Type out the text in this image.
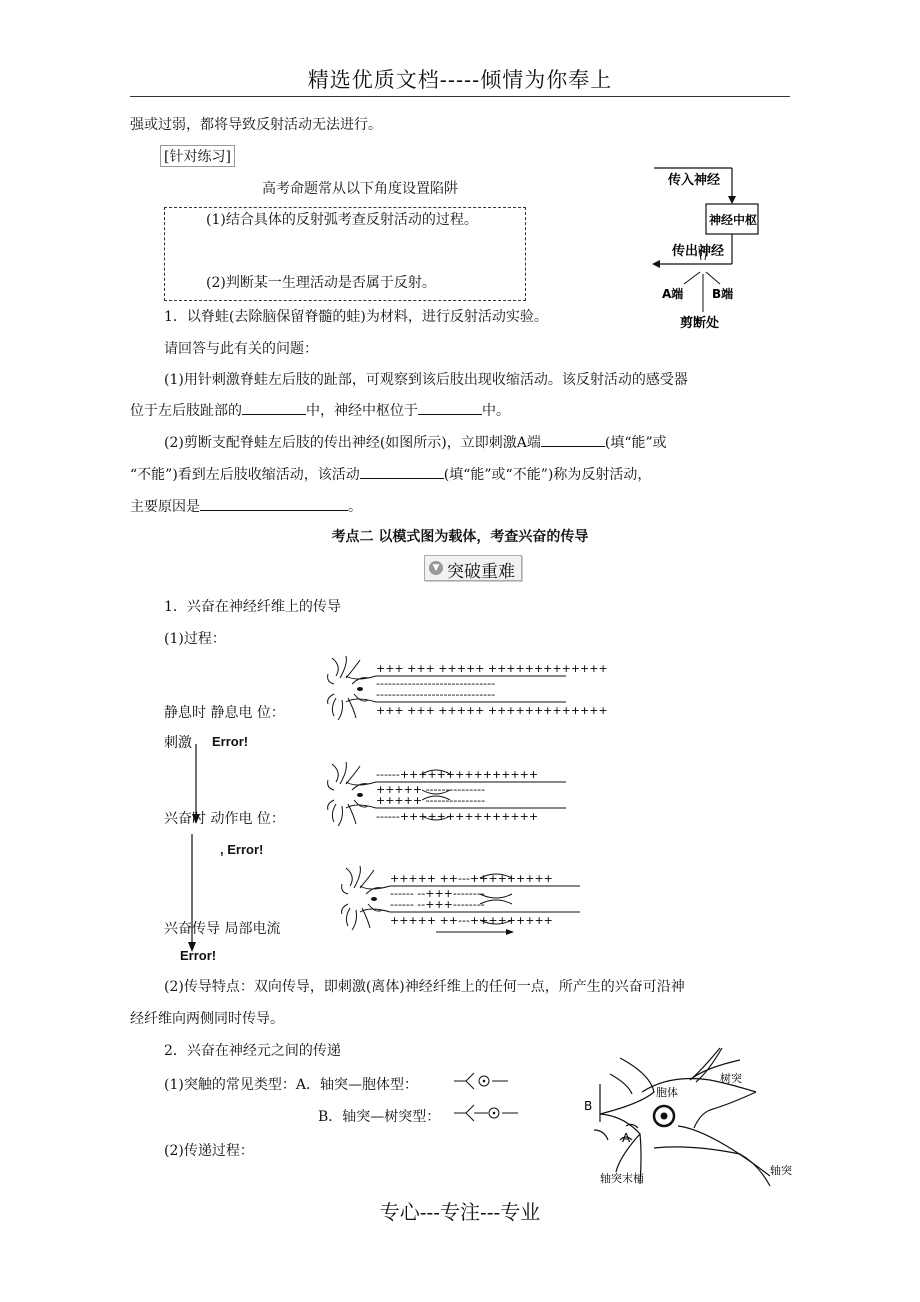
精选优质文档-----倾情为你奉上
强或过弱，都将导致反射活动无法进行。
[针对练习]
高考命题常从以下角度设置陷阱
(1)结合具体的反射弧考查反射活动的过程。
(2)判断某一生理活动是否属于反射。
1．以脊蛙(去除脑保留脊髓的蛙)为材料，进行反射活动实验。
请回答与此有关的问题：
(1)用针刺激脊蛙左后肢的趾部，可观察到该后肢出现收缩活动。该反射活动的感受器
位于左后肢趾部的	中，神经中枢位于	中。
(2)剪断支配脊蛙左后肢的传出神经(如图所示)，立即刺激A端	(填“能”或
“不能”)看到左后肢收缩活动，该活动	(填“能”或“不能”)称为反射活动，
主要原因是	。
传入神经
神经中枢
传出神经
A端 B端
剪断处
考点二 以模式图为载体，考查兴奋的传导
▼ 突破重难
1．兴奋在神经纤维上的传导
(1)过程：
+++ +++ +++++ +++++++++++++
------------------------------
------------------------------
+++ +++ +++++ +++++++++++++
静息时 静息电 位：
刺激 Error!
------+++++++++++++++
+++++ ---------------
+++++ ---------------
------+++++++++++++++
兴奋时 动作电 位：
, Error!
+++++ ++---+++++++++
------ --+++--------
------ --+++--------
+++++ ++---+++++++++
兴奋传导 局部电流
Error!
(2)传导特点：双向传导，即刺激(离体)神经纤维上的任何一点，所产生的兴奋可沿神
经纤维向两侧同时传导。
2．兴奋在神经元之间的传递
(1)突触的常见类型：A．轴突—胞体型：
B．轴突—树突型：
(2)传递过程：
胞体
树突
轴突
轴突末梢
A
B
专心---专注---专业
